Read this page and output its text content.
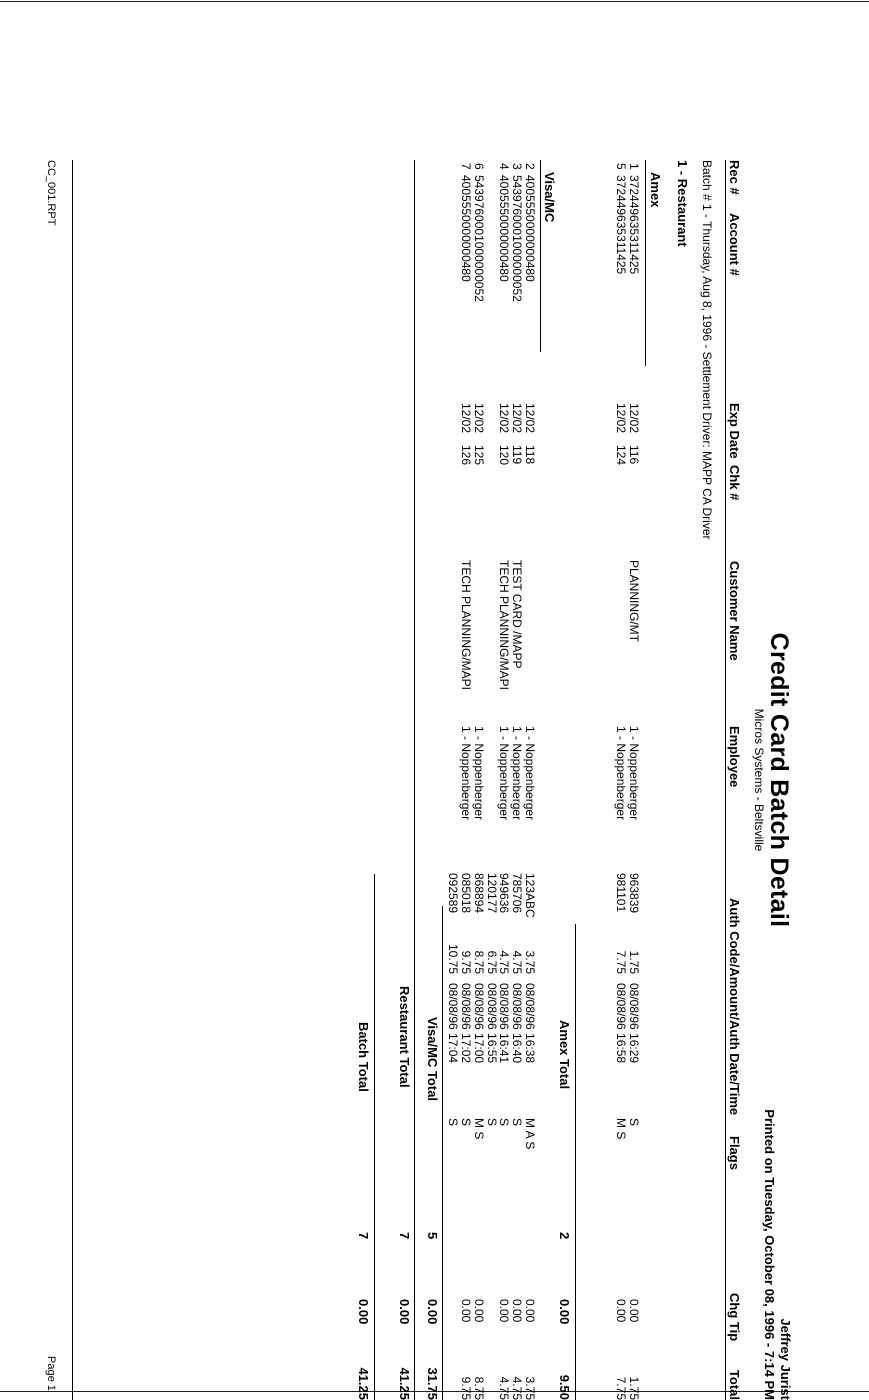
Credit Card Batch Detail
Micros Systems - Beltsville
Jeffrey Jurist
Printed on Tuesday, October 08, 1996 - 7:14 PM
Rec #
Account #
Exp Date
Chk #
Customer Name
Employee
Auth Code/Amount/Auth Date/Time
Flags
Chg Tip
Total
Batch # 1 - Thursday, Aug 8, 1996 - Settlement Driver: MAPP CA Driver
1 - Restaurant
Amex
Visa/MC
1
372449635311425
12/02
116
PLANNING/MT
1 - Noppenberger
963839
1.75
08/08/96 16:29
S
0.00
1.75
5
372449635311425
12/02
124
1 - Noppenberger
981101
7.75
08/08/96 16:58
M S
0.00
7.75
2
4005550000000480
12/02
118
1 - Noppenberger
123ABC
3.75
08/08/96 16:38
M A S
0.00
3.75
3
5439760001000000052
12/02
119
TEST CARD /MAPP
1 - Noppenberger
785706
4.75
08/08/96 16:40
S
0.00
4.75
4
4005550000000480
12/02
120
TECH PLANNING/MAPI
1 - Noppenberger
949636
4.75
08/08/96 16:41
S
0.00
4.75
120177
6.75
08/08/96 16:55
S
6
5439760001000000052
12/02
125
1 - Noppenberger
868894
8.75
08/08/96 17:00
M S
0.00
8.75
7
4005550000000480
12/02
126
TECH PLANNING/MAPI
1 - Noppenberger
085018
9.75
08/08/96 17:02
S
0.00
9.75
092589
10.75
08/08/96 17:04
S
Amex Total
2
0.00
9.50
Visa/MC Total
5
0.00
31.75
Restaurant Total
7
0.00
41.25
Batch Total
7
0.00
41.25
CC_001.RPT
Page 1
